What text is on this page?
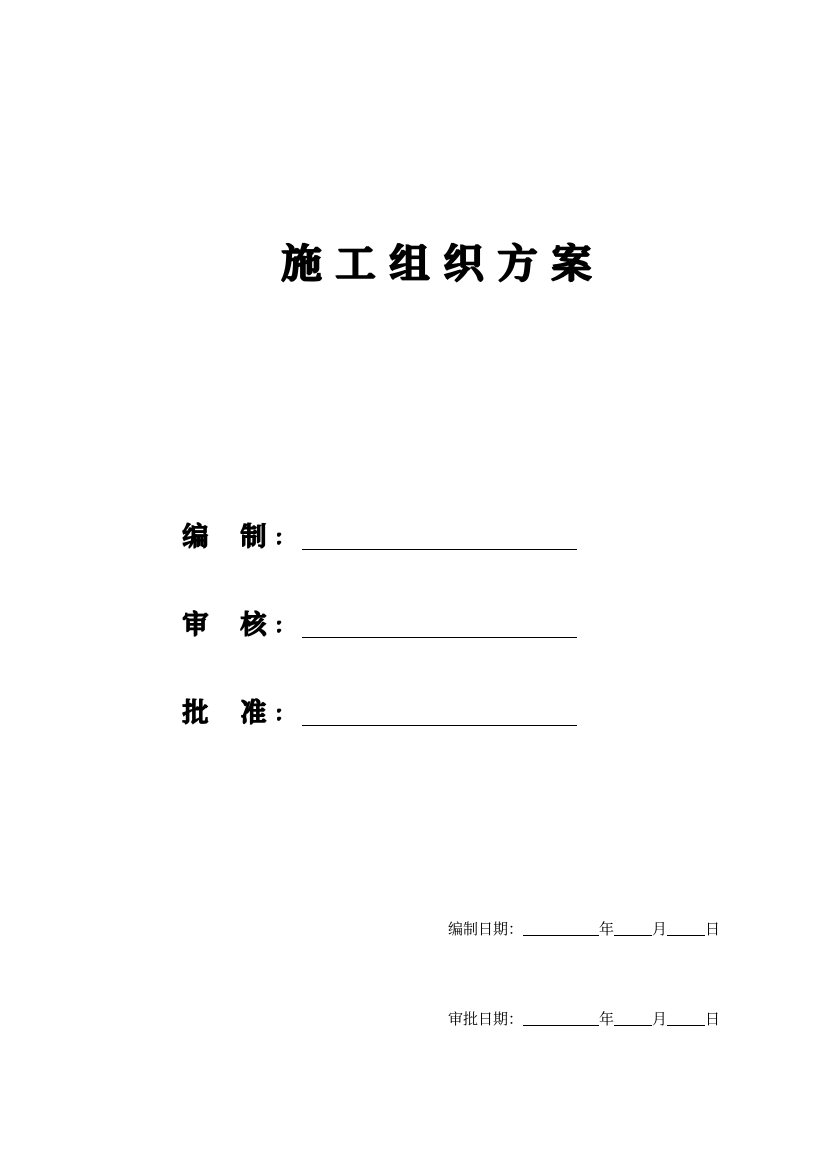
施工组织方案
编	制 ：
审	核 ：
批	准 ：
编制日期：	年	月	日
审批日期：	年	月	日
